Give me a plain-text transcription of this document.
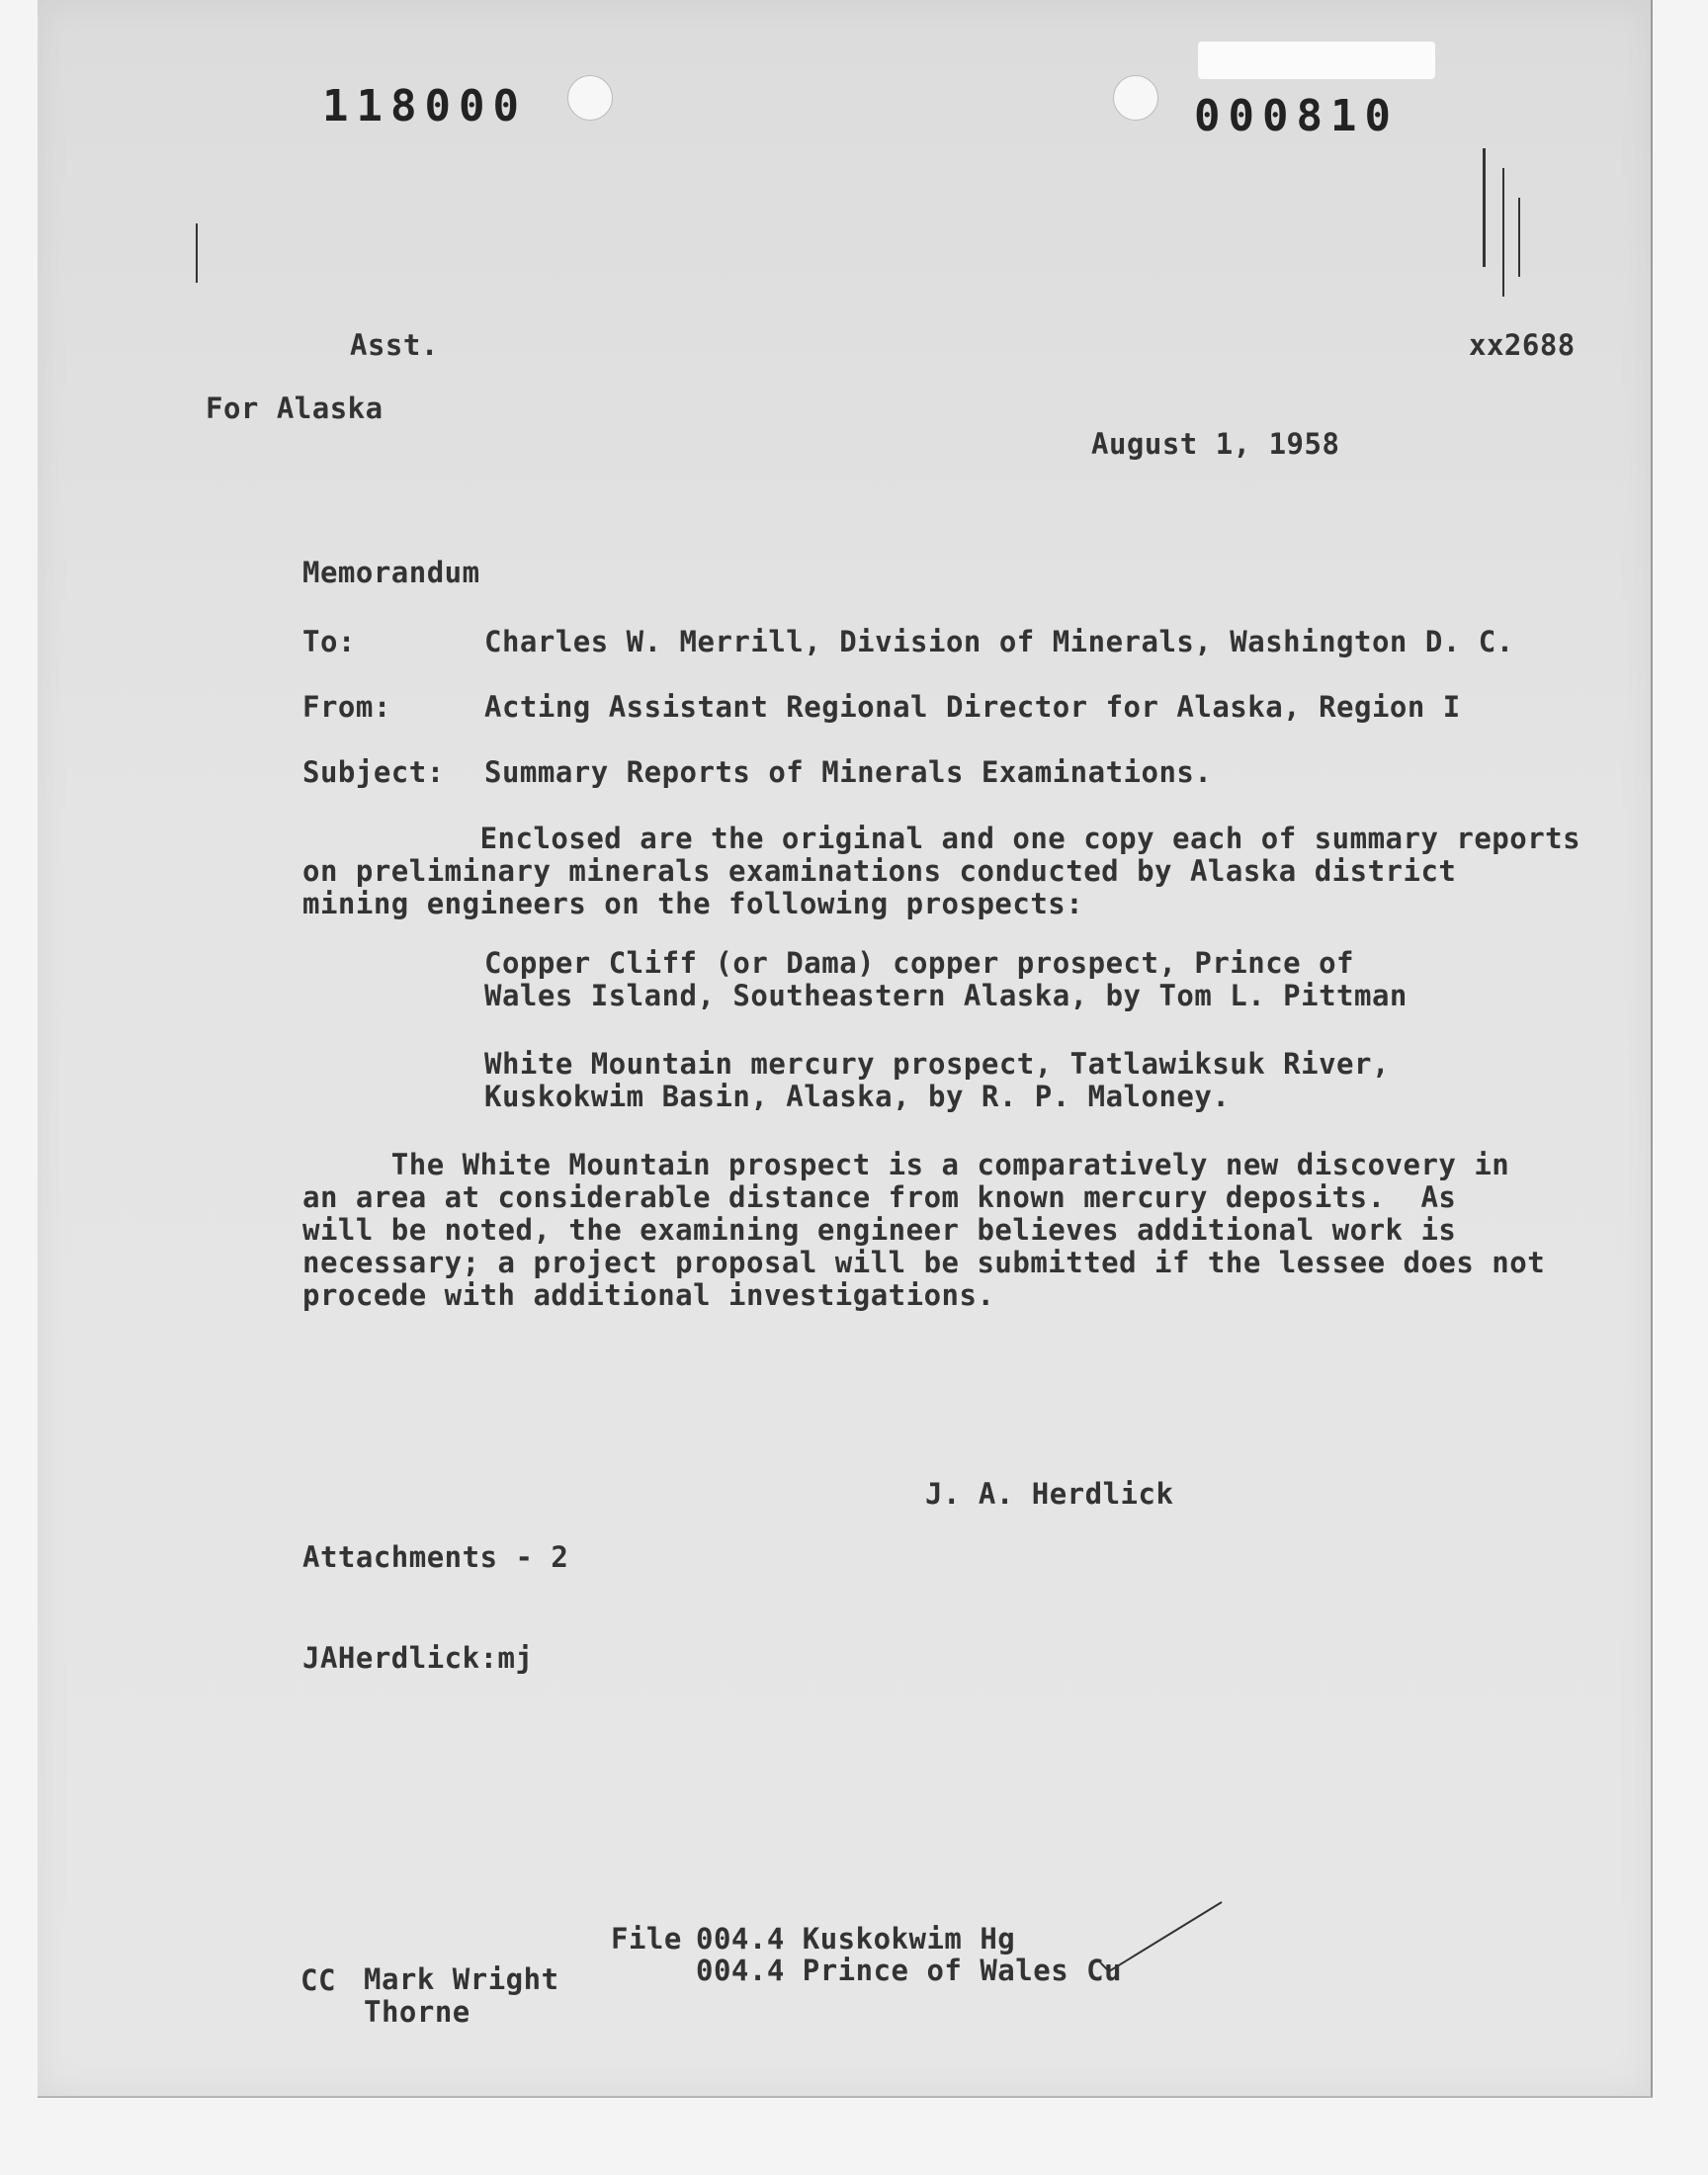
118000	000810
Asst.
For Alaska
xx2688
August 1, 1958
Memorandum
To:	Charles W. Merrill, Division of Minerals, Washington D. C.
From:	Acting Assistant Regional Director for Alaska, Region I
Subject: Summary Reports of Minerals Examinations.
Enclosed are the original and one copy each of summary reports
on preliminary minerals examinations conducted by Alaska district
mining engineers on the following prospects:
Copper Cliff (or Dama) copper prospect, Prince of
Wales Island, Southeastern Alaska, by Tom L. Pittman
White Mountain mercury prospect, Tatlawiksuk River,
Kuskokwim Basin, Alaska, by R. P. Maloney.
The White Mountain prospect is a comparatively new discovery in
an area at considerable distance from known mercury deposits.  As
will be noted, the examining engineer believes additional work is
necessary; a project proposal will be submitted if the lessee does not
procede with additional investigations.
J. A. Herdlick
Attachments - 2
JAHerdlick:mj
File 004.4 Kuskokwim Hg
004.4 Prince of Wales Cu
CC Mark Wright
Thorne
